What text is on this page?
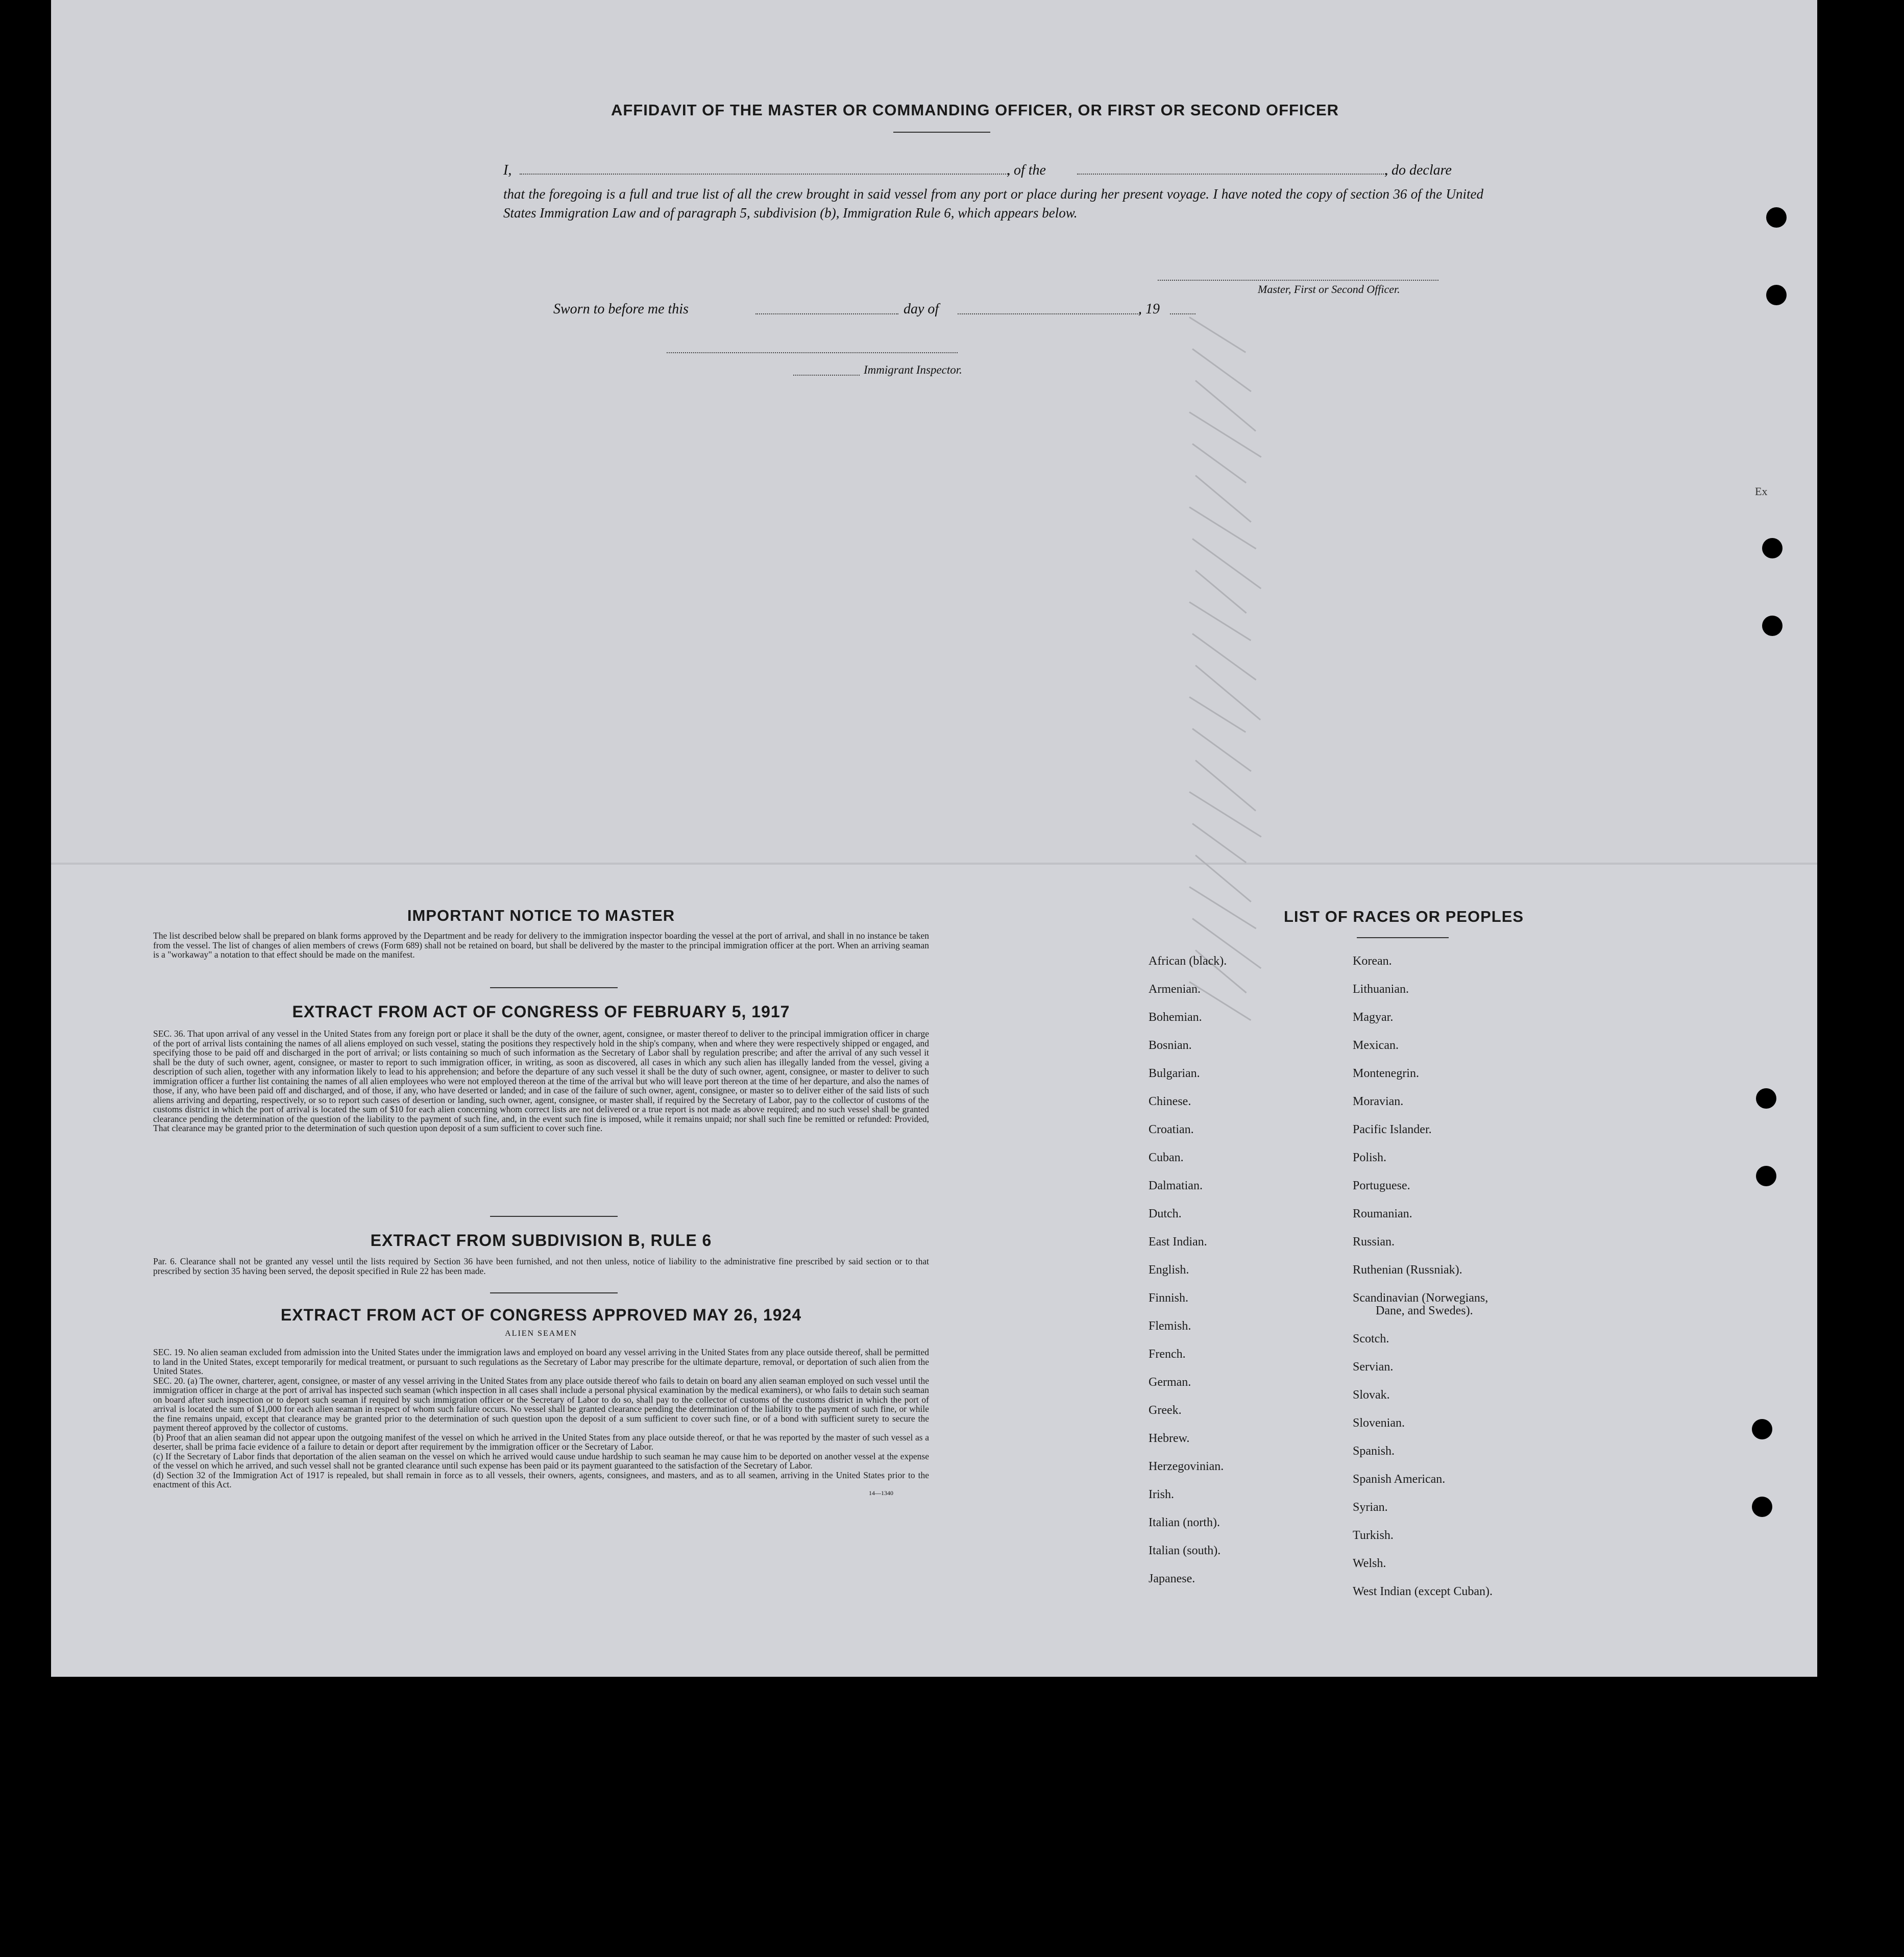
AFFIDAVIT OF THE MASTER OR COMMANDING OFFICER, OR FIRST OR SECOND OFFICER
I,	, of the	, do declare
that the foregoing is a full and true list of all the crew brought in said vessel from any port or place during her present voyage. I have noted the copy of section 36 of the United States Immigration Law and of paragraph 5, subdivision (b), Immigration Rule 6, which appears below.
Master, First or Second Officer.
Sworn to before me this	day of	, 19
Immigrant Inspector.
Ex
IMPORTANT NOTICE TO MASTER
The list described below shall be prepared on blank forms approved by the Department and be ready for delivery to the immigration inspector boarding the vessel at the port of arrival, and shall in no instance be taken from the vessel. The list of changes of alien members of crews (Form 689) shall not be retained on board, but shall be delivered by the master to the principal immigration officer at the port. When an arriving seaman is a "workaway" a notation to that effect should be made on the manifest.
EXTRACT FROM ACT OF CONGRESS OF FEBRUARY 5, 1917
SEC. 36. That upon arrival of any vessel in the United States from any foreign port or place it shall be the duty of the owner, agent, consignee, or master thereof to deliver to the principal immigration officer in charge of the port of arrival lists containing the names of all aliens employed on such vessel, stating the positions they respectively hold in the ship's company, when and where they were respectively shipped or engaged, and specifying those to be paid off and discharged in the port of arrival; or lists containing so much of such information as the Secretary of Labor shall by regulation prescribe; and after the arrival of any such vessel it shall be the duty of such owner, agent, consignee, or master to report to such immigration officer, in writing, as soon as discovered, all cases in which any such alien has illegally landed from the vessel, giving a description of such alien, together with any information likely to lead to his apprehension; and before the departure of any such vessel it shall be the duty of such owner, agent, consignee, or master to deliver to such immigration officer a further list containing the names of all alien employees who were not employed thereon at the time of the arrival but who will leave port thereon at the time of her departure, and also the names of those, if any, who have been paid off and discharged, and of those, if any, who have deserted or landed; and in case of the failure of such owner, agent, consignee, or master so to deliver either of the said lists of such aliens arriving and departing, respectively, or so to report such cases of desertion or landing, such owner, agent, consignee, or master shall, if required by the Secretary of Labor, pay to the collector of customs of the customs district in which the port of arrival is located the sum of $10 for each alien concerning whom correct lists are not delivered or a true report is not made as above required; and no such vessel shall be granted clearance pending the determination of the question of the liability to the payment of such fine, and, in the event such fine is imposed, while it remains unpaid; nor shall such fine be remitted or refunded: Provided, That clearance may be granted prior to the determination of such question upon deposit of a sum sufficient to cover such fine.
EXTRACT FROM SUBDIVISION B, RULE 6
Par. 6. Clearance shall not be granted any vessel until the lists required by Section 36 have been furnished, and not then unless, notice of liability to the administrative fine prescribed by said section or to that prescribed by section 35 having been served, the deposit specified in Rule 22 has been made.
EXTRACT FROM ACT OF CONGRESS APPROVED MAY 26, 1924
ALIEN SEAMEN
SEC. 19. No alien seaman excluded from admission into the United States under the immigration laws and employed on board any vessel arriving in the United States from any place outside thereof, shall be permitted to land in the United States, except temporarily for medical treatment, or pursuant to such regulations as the Secretary of Labor may prescribe for the ultimate departure, removal, or deportation of such alien from the United States.
SEC. 20. (a) The owner, charterer, agent, consignee, or master of any vessel arriving in the United States from any place outside thereof who fails to detain on board any alien seaman employed on such vessel until the immigration officer in charge at the port of arrival has inspected such seaman (which inspection in all cases shall include a personal physical examination by the medical examiners), or who fails to detain such seaman on board after such inspection or to deport such seaman if required by such immigration officer or the Secretary of Labor to do so, shall pay to the collector of customs of the customs district in which the port of arrival is located the sum of $1,000 for each alien seaman in respect of whom such failure occurs. No vessel shall be granted clearance pending the determination of the liability to the payment of such fine, or while the fine remains unpaid, except that clearance may be granted prior to the determination of such question upon the deposit of a sum sufficient to cover such fine, or of a bond with sufficient surety to secure the payment thereof approved by the collector of customs.
(b) Proof that an alien seaman did not appear upon the outgoing manifest of the vessel on which he arrived in the United States from any place outside thereof, or that he was reported by the master of such vessel as a deserter, shall be prima facie evidence of a failure to detain or deport after requirement by the immigration officer or the Secretary of Labor.
(c) If the Secretary of Labor finds that deportation of the alien seaman on the vessel on which he arrived would cause undue hardship to such seaman he may cause him to be deported on another vessel at the expense of the vessel on which he arrived, and such vessel shall not be granted clearance until such expense has been paid or its payment guaranteed to the satisfaction of the Secretary of Labor.
(d) Section 32 of the Immigration Act of 1917 is repealed, but shall remain in force as to all vessels, their owners, agents, consignees, and masters, and as to all seamen, arriving in the United States prior to the enactment of this Act.
14—1340
LIST OF RACES OR PEOPLES
African (black).
Armenian.
Bohemian.
Bosnian.
Bulgarian.
Chinese.
Croatian.
Cuban.
Dalmatian.
Dutch.
East Indian.
English.
Finnish.
Flemish.
French.
German.
Greek.
Hebrew.
Herzegovinian.
Irish.
Italian (north).
Italian (south).
Japanese.
Korean.
Lithuanian.
Magyar.
Mexican.
Montenegrin.
Moravian.
Pacific Islander.
Polish.
Portuguese.
Roumanian.
Russian.
Ruthenian (Russniak).
Scandinavian (Norwegians,
Dane, and Swedes).
Scotch.
Servian.
Slovak.
Slovenian.
Spanish.
Spanish American.
Syrian.
Turkish.
Welsh.
West Indian (except Cuban).
